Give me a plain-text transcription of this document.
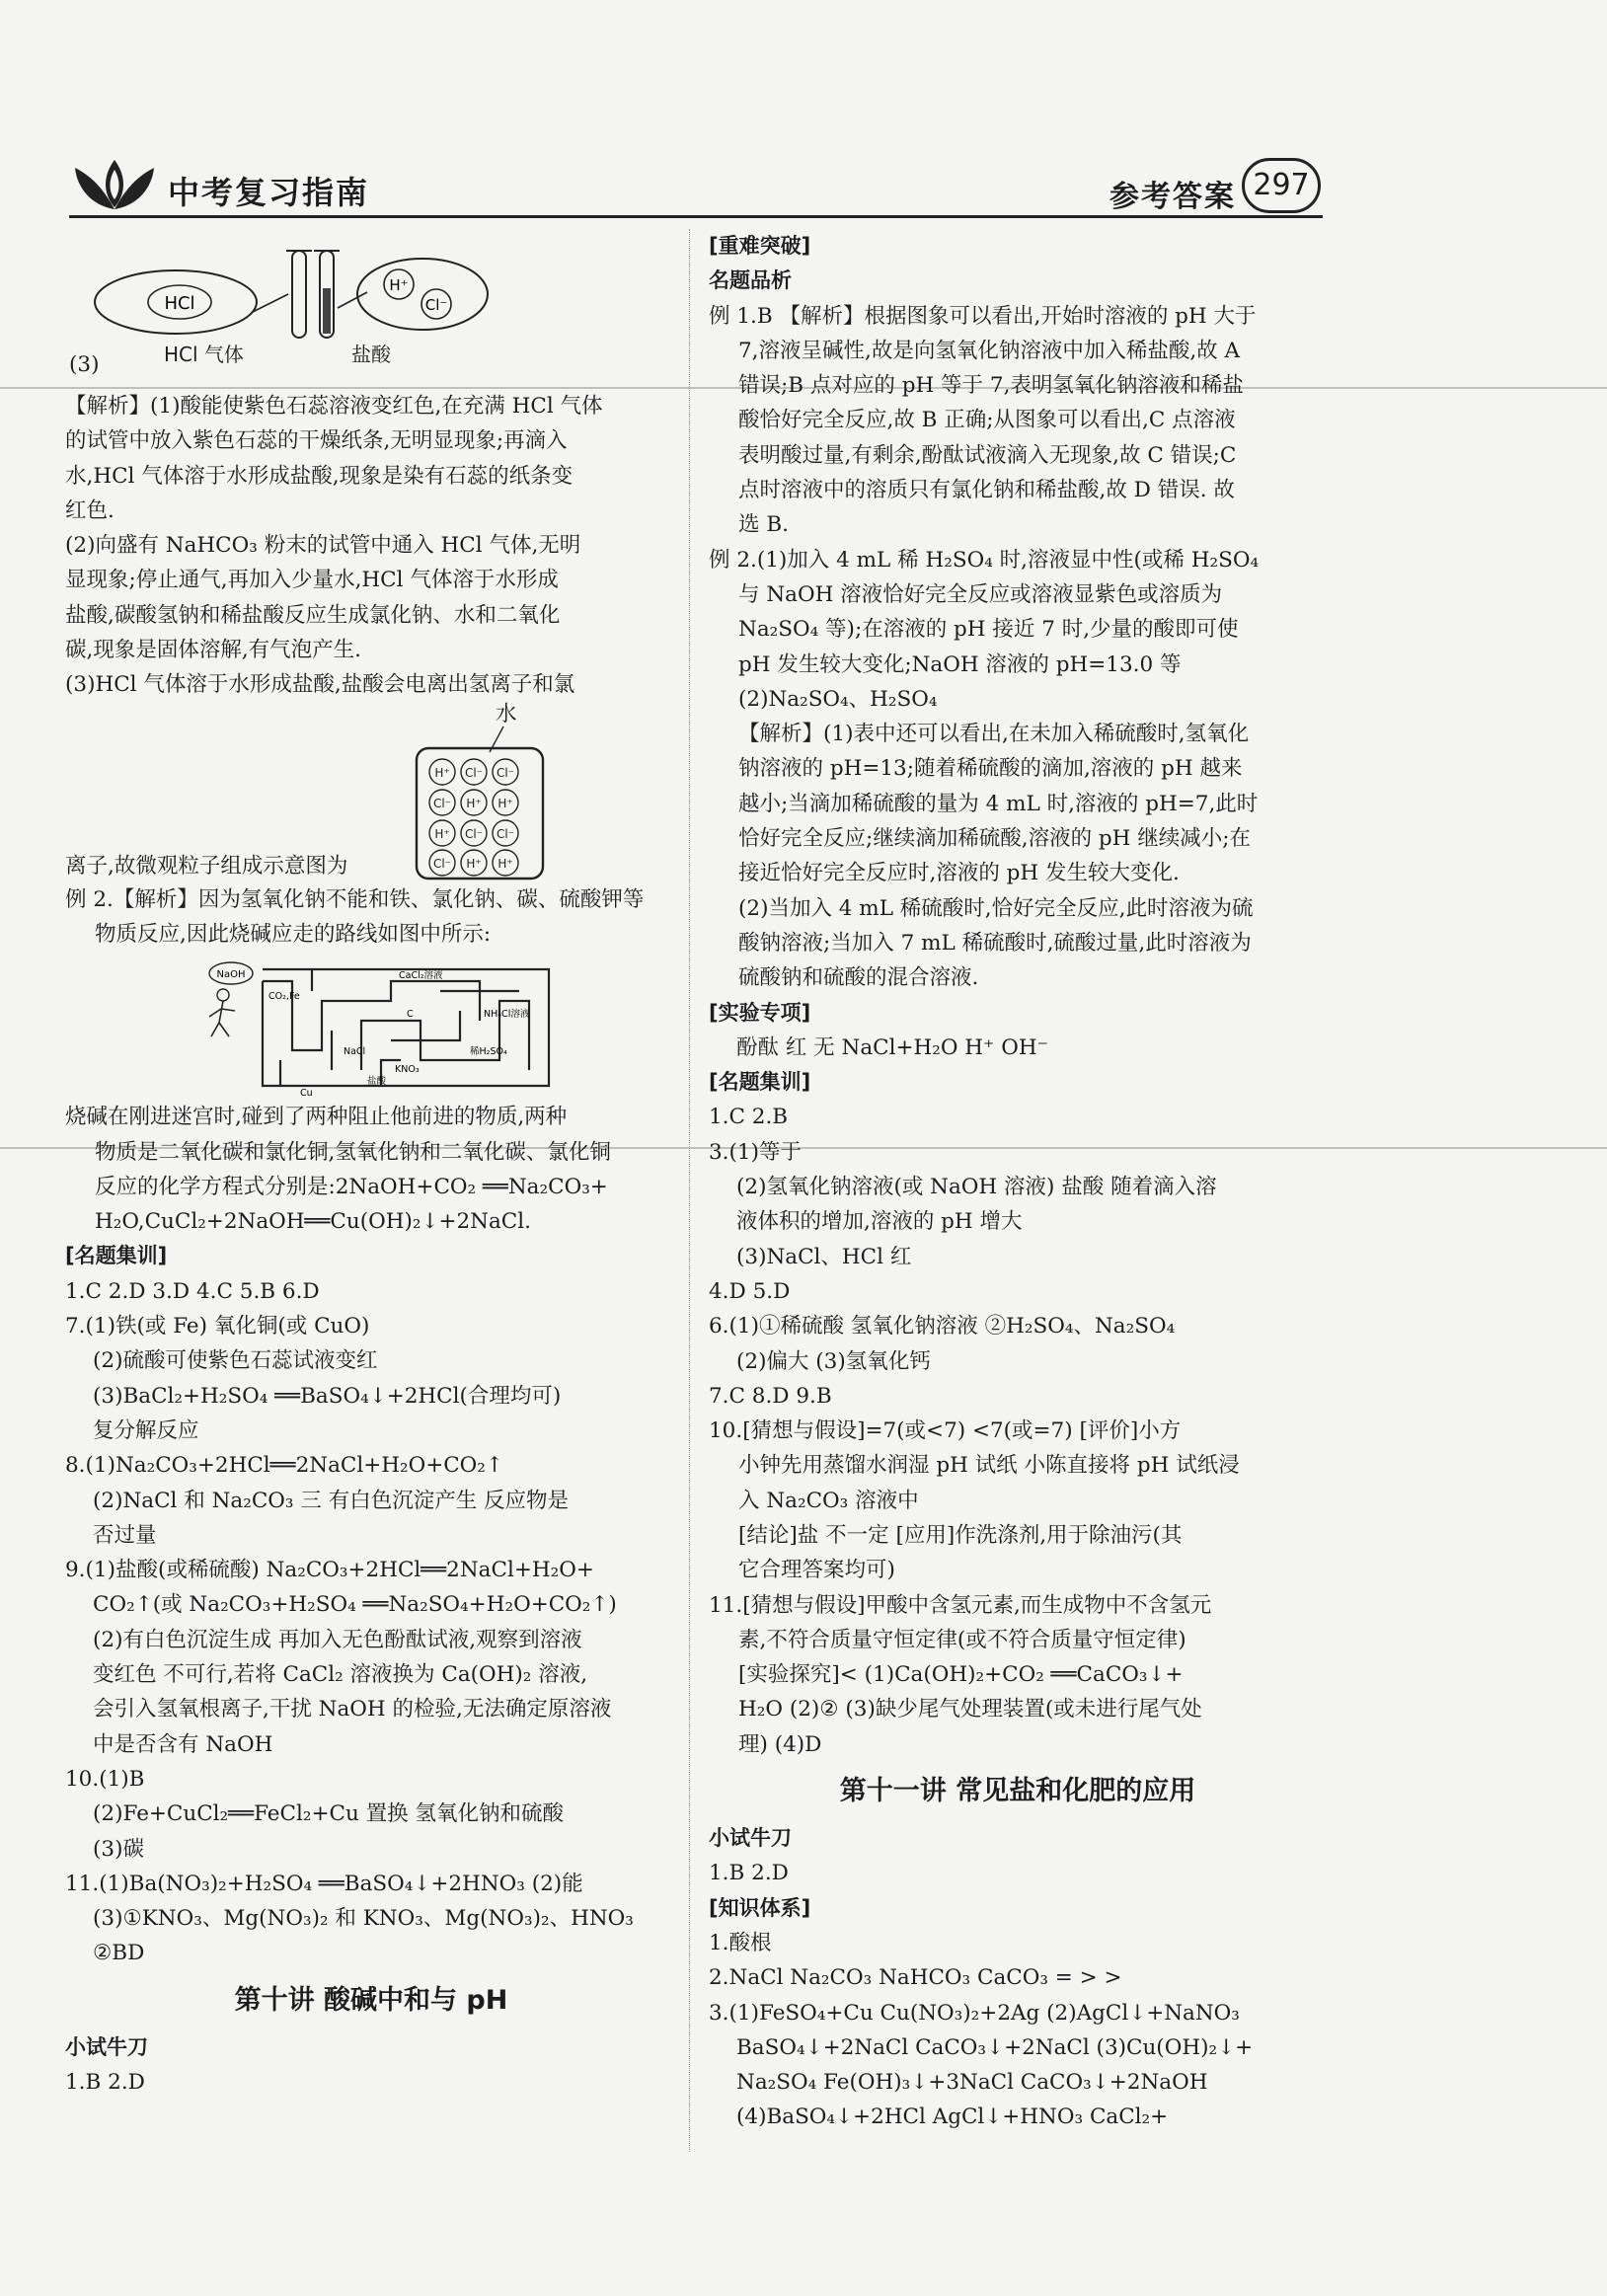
中考复习指南	参考答案 297
HCl
H⁺
Cl⁻
(3)	HCl 气体	盐酸
【解析】(1)酸能使紫色石蕊溶液变红色,在充满 HCl 气体
的试管中放入紫色石蕊的干燥纸条,无明显现象;再滴入
水,HCl 气体溶于水形成盐酸,现象是染有石蕊的纸条变
红色.
(2)向盛有 NaHCO₃ 粉末的试管中通入 HCl 气体,无明
显现象;停止通气,再加入少量水,HCl 气体溶于水形成
盐酸,碳酸氢钠和稀盐酸反应生成氯化钠、水和二氧化
碳,现象是固体溶解,有气泡产生.
(3)HCl 气体溶于水形成盐酸,盐酸会电离出氢离子和氯
水
H⁺ Cl⁻ Cl⁻
Cl⁻ H⁺ H⁺
H⁺ Cl⁻ Cl⁻
Cl⁻ H⁺ H⁺
离子,故微观粒子组成示意图为
例 2.【解析】因为氢氧化钠不能和铁、氯化钠、碳、硫酸钾等
物质反应,因此烧碱应走的路线如图中所示:
NaOH	CaCl₂溶液
CO₂,Fe
C	NH₄Cl溶液
NaCl	稀H₂SO₄
KNO₃
盐酸
Cu
烧碱在刚进迷宫时,碰到了两种阻止他前进的物质,两种
物质是二氧化碳和氯化铜,氢氧化钠和二氧化碳、氯化铜
反应的化学方程式分别是:2NaOH+CO₂ ══Na₂CO₃+
H₂O,CuCl₂+2NaOH══Cu(OH)₂↓+2NaCl.
[名题集训]
1.C 2.D 3.D 4.C 5.B 6.D
7.(1)铁(或 Fe) 氧化铜(或 CuO)
(2)硫酸可使紫色石蕊试液变红
(3)BaCl₂+H₂SO₄ ══BaSO₄↓+2HCl(合理均可)
复分解反应
8.(1)Na₂CO₃+2HCl══2NaCl+H₂O+CO₂↑
(2)NaCl 和 Na₂CO₃ 三 有白色沉淀产生 反应物是
否过量
9.(1)盐酸(或稀硫酸) Na₂CO₃+2HCl══2NaCl+H₂O+
CO₂↑(或 Na₂CO₃+H₂SO₄ ══Na₂SO₄+H₂O+CO₂↑)
(2)有白色沉淀生成 再加入无色酚酞试液,观察到溶液
变红色 不可行,若将 CaCl₂ 溶液换为 Ca(OH)₂ 溶液,
会引入氢氧根离子,干扰 NaOH 的检验,无法确定原溶液
中是否含有 NaOH
10.(1)B
(2)Fe+CuCl₂══FeCl₂+Cu 置换 氢氧化钠和硫酸
(3)碳
11.(1)Ba(NO₃)₂+H₂SO₄ ══BaSO₄↓+2HNO₃ (2)能
(3)①KNO₃、Mg(NO₃)₂ 和 KNO₃、Mg(NO₃)₂、HNO₃
②BD
第十讲 酸碱中和与 pH
小试牛刀
1.B 2.D
[重难突破]
名题品析
例 1.B 【解析】根据图象可以看出,开始时溶液的 pH 大于
7,溶液呈碱性,故是向氢氧化钠溶液中加入稀盐酸,故 A
错误;B 点对应的 pH 等于 7,表明氢氧化钠溶液和稀盐
酸恰好完全反应,故 B 正确;从图象可以看出,C 点溶液
表明酸过量,有剩余,酚酞试液滴入无现象,故 C 错误;C
点时溶液中的溶质只有氯化钠和稀盐酸,故 D 错误. 故
选 B.
例 2.(1)加入 4 mL 稀 H₂SO₄ 时,溶液显中性(或稀 H₂SO₄
与 NaOH 溶液恰好完全反应或溶液显紫色或溶质为
Na₂SO₄ 等);在溶液的 pH 接近 7 时,少量的酸即可使
pH 发生较大变化;NaOH 溶液的 pH=13.0 等
(2)Na₂SO₄、H₂SO₄
【解析】(1)表中还可以看出,在未加入稀硫酸时,氢氧化
钠溶液的 pH=13;随着稀硫酸的滴加,溶液的 pH 越来
越小;当滴加稀硫酸的量为 4 mL 时,溶液的 pH=7,此时
恰好完全反应;继续滴加稀硫酸,溶液的 pH 继续减小;在
接近恰好完全反应时,溶液的 pH 发生较大变化.
(2)当加入 4 mL 稀硫酸时,恰好完全反应,此时溶液为硫
酸钠溶液;当加入 7 mL 稀硫酸时,硫酸过量,此时溶液为
硫酸钠和硫酸的混合溶液.
[实验专项]
酚酞 红 无 NaCl+H₂O H⁺ OH⁻
[名题集训]
1.C 2.B
3.(1)等于
(2)氢氧化钠溶液(或 NaOH 溶液) 盐酸 随着滴入溶
液体积的增加,溶液的 pH 增大
(3)NaCl、HCl 红
4.D 5.D
6.(1)①稀硫酸 氢氧化钠溶液 ②H₂SO₄、Na₂SO₄
(2)偏大 (3)氢氧化钙
7.C 8.D 9.B
10.[猜想与假设]=7(或<7) <7(或=7) [评价]小方
小钟先用蒸馏水润湿 pH 试纸 小陈直接将 pH 试纸浸
入 Na₂CO₃ 溶液中
[结论]盐 不一定 [应用]作洗涤剂,用于除油污(其
它合理答案均可)
11.[猜想与假设]甲酸中含氢元素,而生成物中不含氢元
素,不符合质量守恒定律(或不符合质量守恒定律)
[实验探究]< (1)Ca(OH)₂+CO₂ ══CaCO₃↓+
H₂O (2)② (3)缺少尾气处理装置(或未进行尾气处
理) (4)D
第十一讲 常见盐和化肥的应用
小试牛刀
1.B 2.D
[知识体系]
1.酸根
2.NaCl Na₂CO₃ NaHCO₃ CaCO₃ = > >
3.(1)FeSO₄+Cu Cu(NO₃)₂+2Ag (2)AgCl↓+NaNO₃
BaSO₄↓+2NaCl CaCO₃↓+2NaCl (3)Cu(OH)₂↓+
Na₂SO₄ Fe(OH)₃↓+3NaCl CaCO₃↓+2NaOH
(4)BaSO₄↓+2HCl AgCl↓+HNO₃ CaCl₂+
